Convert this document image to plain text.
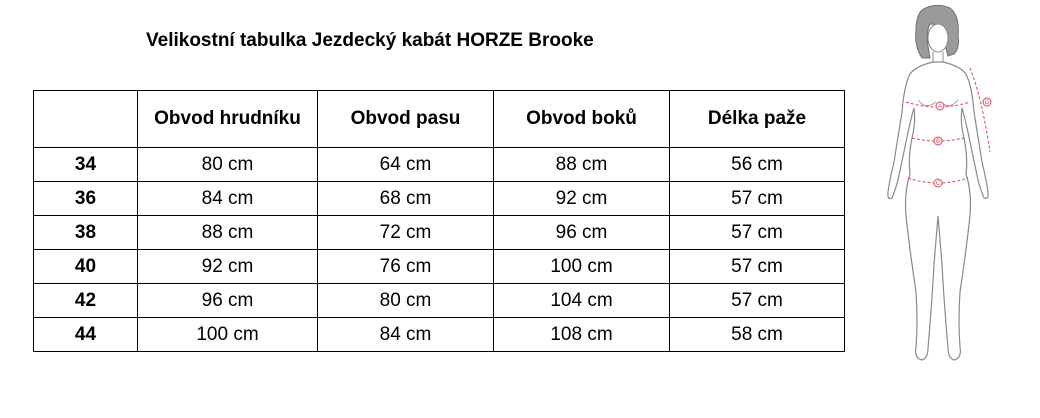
Velikostní tabulka Jezdecký kabát HORZE Brooke
	Obvod hrudníku	Obvod pasu	Obvod boků	Délka paže
34	80 cm	64 cm	88 cm	56 cm
36	84 cm	68 cm	92 cm	57 cm
38	88 cm	72 cm	96 cm	57 cm
40	92 cm	76 cm	100 cm	57 cm
42	96 cm	80 cm	104 cm	57 cm
44	100 cm	84 cm	108 cm	58 cm
A
B
C
D
